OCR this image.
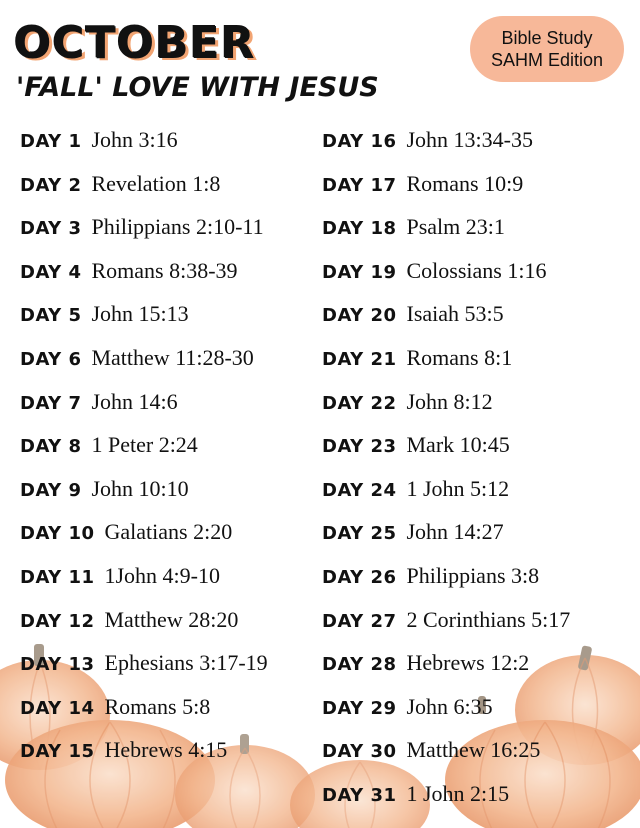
OCTOBER
'FALL' LOVE WITH JESUS
Bible Study
SAHM Edition
DAY 1 John 3:16
DAY 2 Revelation 1:8
DAY 3 Philippians 2:10-11
DAY 4 Romans 8:38-39
DAY 5 John 15:13
DAY 6 Matthew 11:28-30
DAY 7 John 14:6
DAY 8 1 Peter 2:24
DAY 9 John 10:10
DAY 10 Galatians 2:20
DAY 11 1John 4:9-10
DAY 12 Matthew 28:20
DAY 13 Ephesians 3:17-19
DAY 14 Romans 5:8
DAY 15 Hebrews 4:15
DAY 16 John 13:34-35
DAY 17 Romans 10:9
DAY 18 Psalm 23:1
DAY 19 Colossians 1:16
DAY 20 Isaiah 53:5
DAY 21 Romans 8:1
DAY 22 John 8:12
DAY 23 Mark 10:45
DAY 24 1 John 5:12
DAY 25 John 14:27
DAY 26 Philippians 3:8
DAY 27 2 Corinthians 5:17
DAY 28 Hebrews 12:2
DAY 29 John 6:35
DAY 30 Matthew 16:25
DAY 31 1 John 2:15
